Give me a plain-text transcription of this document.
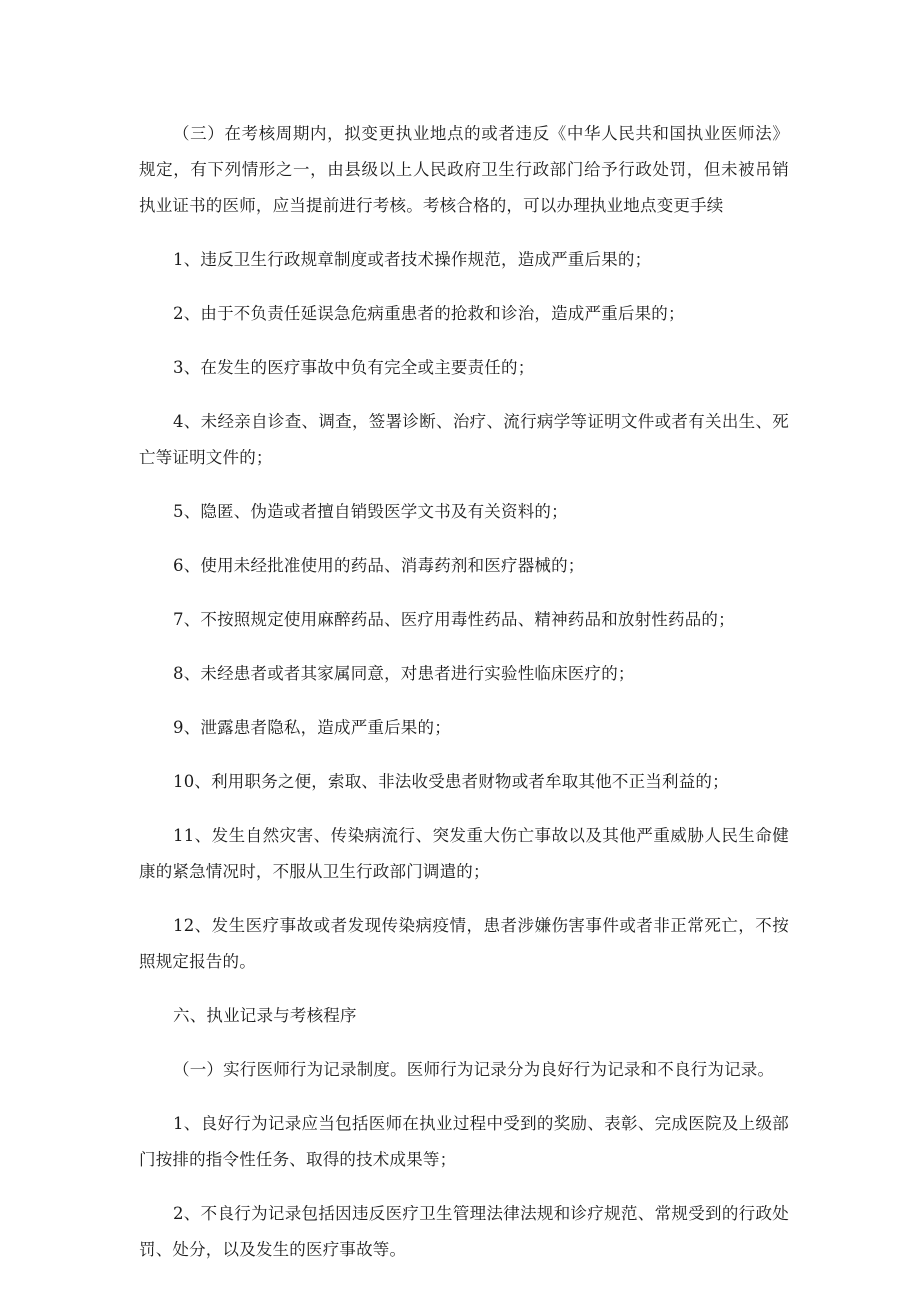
（三）在考核周期内，拟变更执业地点的或者违反《中华人民共和国执业医师法》规定，有下列情形之一，由县级以上人民政府卫生行政部门给予行政处罚，但未被吊销执业证书的医师，应当提前进行考核。考核合格的，可以办理执业地点变更手续

1、违反卫生行政规章制度或者技术操作规范，造成严重后果的；

2、由于不负责任延误急危病重患者的抢救和诊治，造成严重后果的；

3、在发生的医疗事故中负有完全或主要责任的；

4、未经亲自诊查、调查，签署诊断、治疗、流行病学等证明文件或者有关出生、死亡等证明文件的；

5、隐匿、伪造或者擅自销毁医学文书及有关资料的；

6、使用未经批准使用的药品、消毒药剂和医疗器械的；

7、不按照规定使用麻醉药品、医疗用毒性药品、精神药品和放射性药品的；

8、未经患者或者其家属同意，对患者进行实验性临床医疗的；

9、泄露患者隐私，造成严重后果的；

10、利用职务之便，索取、非法收受患者财物或者牟取其他不正当利益的；

11、发生自然灾害、传染病流行、突发重大伤亡事故以及其他严重威胁人民生命健康的紧急情况时，不服从卫生行政部门调遣的；

12、发生医疗事故或者发现传染病疫情，患者涉嫌伤害事件或者非正常死亡，不按照规定报告的。

六、执业记录与考核程序

（一）实行医师行为记录制度。医师行为记录分为良好行为记录和不良行为记录。

1、良好行为记录应当包括医师在执业过程中受到的奖励、表彰、完成医院及上级部门按排的指令性任务、取得的技术成果等；

2、不良行为记录包括因违反医疗卫生管理法律法规和诊疗规范、常规受到的行政处罚、处分，以及发生的医疗事故等。
